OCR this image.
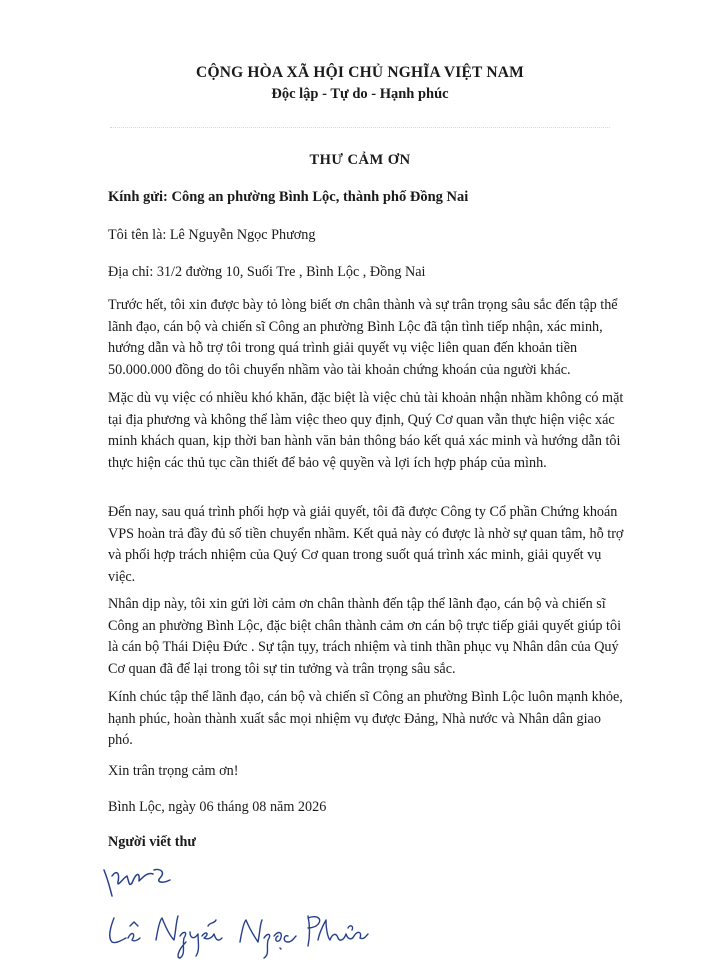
CỘNG HÒA XÃ HỘI CHỦ NGHĨA VIỆT NAM
Độc lập - Tự do - Hạnh phúc
THƯ CẢM ƠN
Kính gửi: Công an phường Bình Lộc, thành phố Đồng Nai
Tôi tên là: Lê Nguyễn Ngọc Phương
Địa chỉ: 31/2 đường 10, Suối Tre , Bình Lộc , Đồng Nai
Trước hết, tôi xin được bày tỏ lòng biết ơn chân thành và sự trân trọng sâu sắc đến tập thể lãnh đạo, cán bộ và chiến sĩ Công an phường Bình Lộc đã tận tình tiếp nhận, xác minh, hướng dẫn và hỗ trợ tôi trong quá trình giải quyết vụ việc liên quan đến khoản tiền 50.000.000 đồng do tôi chuyển nhầm vào tài khoản chứng khoán của người khác.
Mặc dù vụ việc có nhiều khó khăn, đặc biệt là việc chủ tài khoản nhận nhầm không có mặt tại địa phương và không thể làm việc theo quy định, Quý Cơ quan vẫn thực hiện việc xác minh khách quan, kịp thời ban hành văn bản thông báo kết quả xác minh và hướng dẫn tôi thực hiện các thủ tục cần thiết để bảo vệ quyền và lợi ích hợp pháp của mình.
Đến nay, sau quá trình phối hợp và giải quyết, tôi đã được Công ty Cổ phần Chứng khoán VPS hoàn trả đầy đủ số tiền chuyển nhầm. Kết quả này có được là nhờ sự quan tâm, hỗ trợ và phối hợp trách nhiệm của Quý Cơ quan trong suốt quá trình xác minh, giải quyết vụ việc.
Nhân dịp này, tôi xin gửi lời cảm ơn chân thành đến tập thể lãnh đạo, cán bộ và chiến sĩ Công an phường Bình Lộc, đặc biệt chân thành cảm ơn cán bộ trực tiếp giải quyết giúp tôi là cán bộ Thái Diệu Đức . Sự tận tụy, trách nhiệm và tinh thần phục vụ Nhân dân của Quý Cơ quan đã để lại trong tôi sự tin tưởng và trân trọng sâu sắc.
Kính chúc tập thể lãnh đạo, cán bộ và chiến sĩ Công an phường Bình Lộc luôn mạnh khỏe, hạnh phúc, hoàn thành xuất sắc mọi nhiệm vụ được Đảng, Nhà nước và Nhân dân giao phó.
Xin trân trọng cảm ơn!
Bình Lộc, ngày 06 tháng 08 năm 2026
Người viết thư
